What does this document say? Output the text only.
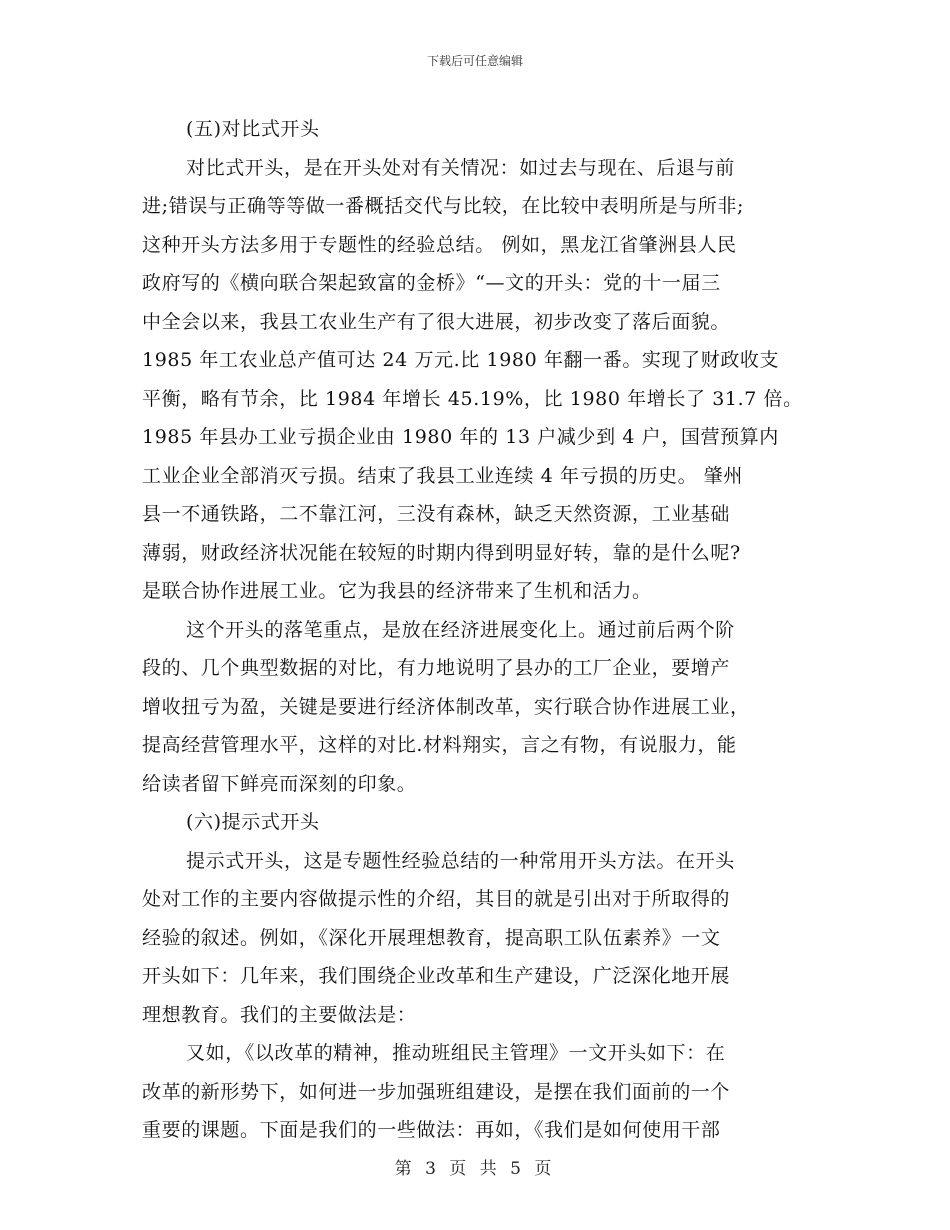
下载后可任意编辑
(五)对比式开头
对比式开头，是在开头处对有关情况：如过去与现在、后退与前
进;错误与正确等等做一番概括交代与比较，在比较中表明所是与所非;
这种开头方法多用于专题性的经验总结。 例如，黑龙江省肇洲县人民
政府写的《横向联合架起致富的金桥》“—文的开头：党的十一届三
中全会以来，我县工农业生产有了很大进展，初步改变了落后面貌。
1985 年工农业总产值可达 24 万元.比 1980 年翻一番。实现了财政收支
平衡，略有节余，比 1984 年增长 45.19%，比 1980 年增长了 31.7 倍。
1985 年县办工业亏损企业由 1980 年的 13 户减少到 4 户，国营预算内
工业企业全部消灭亏损。结束了我县工业连续 4 年亏损的历史。 肇州
县一不通铁路，二不靠江河，三没有森林，缺乏天然资源，工业基础
薄弱，财政经济状况能在较短的时期内得到明显好转，靠的是什么呢?
是联合协作进展工业。它为我县的经济带来了生机和活力。
这个开头的落笔重点，是放在经济进展变化上。通过前后两个阶
段的、几个典型数据的对比，有力地说明了县办的工厂企业，要增产
增收扭亏为盈，关键是要进行经济体制改革，实行联合协作进展工业，
提高经营管理水平，这样的对比.材料翔实，言之有物，有说服力，能
给读者留下鲜亮而深刻的印象。
(六)提示式开头
提示式开头，这是专题性经验总结的一种常用开头方法。在开头
处对工作的主要内容做提示性的介绍，其目的就是引出对于所取得的
经验的叙述。例如，《深化开展理想教育，提高职工队伍素养》一文
开头如下：几年来，我们围绕企业改革和生产建设，广泛深化地开展
理想教育。我们的主要做法是：
又如，《以改革的精神，推动班组民主管理》一文开头如下：在
改革的新形势下，如何进一步加强班组建设，是摆在我们面前的一个
重要的课题。下面是我们的一些做法：再如，《我们是如何使用干部
第 3 页 共 5 页
